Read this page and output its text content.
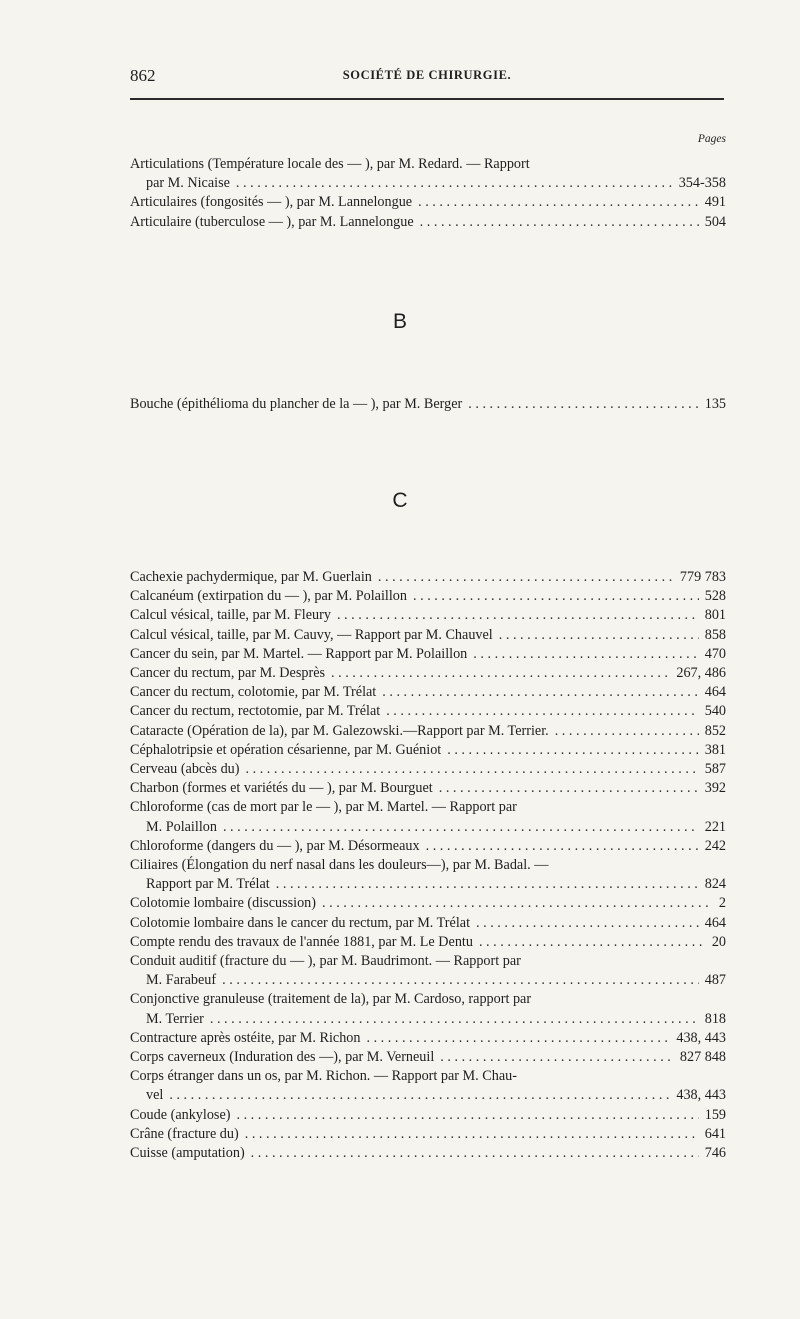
862	SOCIÉTÉ DE CHIRURGIE.
Pages
Articulations (Température locale des — ), par M. Redard. — Rapport
par M. Nicaise . . .	354-358
Articulaires (fongosités — ), par M. Lannelongue . . .	491
Articulaire (tuberculose — ), par M. Lannelongue . . .	504
B
Bouche (épithélioma du plancher de la — ), par M. Berger . . .	135
C
Cachexie pachydermique, par M. Guerlain . . .	779 783
Calcanéum (extirpation du — ), par M. Polaillon . . .	528
Calcul vésical, taille, par M. Fleury . . .	801
Calcul vésical, taille, par M. Cauvy, — Rapport par M. Chauvel . . .	858
Cancer du sein, par M. Martel. — Rapport par M. Polaillon . . .	470
Cancer du rectum, par M. Desprès . . .	267, 486
Cancer du rectum, colotomie, par M. Trélat . . .	464
Cancer du rectum, rectotomie, par M. Trélat . . .	540
Cataracte (Opération de la), par M. Galezowski.—Rapport par M. Terrier. . . .	852
Céphalotripsie et opération césarienne, par M. Guéniot . . .	381
Cerveau (abcès du) . . .	587
Charbon (formes et variétés du — ), par M. Bourguet . . .	392
Chloroforme (cas de mort par le — ), par M. Martel. — Rapport par
M. Polaillon . . .	221
Chloroforme (dangers du — ), par M. Désormeaux . . .	242
Ciliaires (Élongation du nerf nasal dans les douleurs—), par M. Badal. —
Rapport par M. Trélat . . .	824
Colotomie lombaire (discussion) . . .	2
Colotomie lombaire dans le cancer du rectum, par M. Trélat . . .	464
Compte rendu des travaux de l'année 1881, par M. Le Dentu . . .	20
Conduit auditif (fracture du — ), par M. Baudrimont. — Rapport par
M. Farabeuf . . .	487
Conjonctive granuleuse (traitement de la), par M. Cardoso, rapport par
M. Terrier . . .	818
Contracture après ostéite, par M. Richon . . .	438, 443
Corps caverneux (Induration des —), par M. Verneuil . . .	827 848
Corps étranger dans un os, par M. Richon. — Rapport par M. Chau-
vel . . .	438, 443
Coude (ankylose) . . .	159
Crâne (fracture du) . . .	641
Cuisse (amputation) . . .	746
